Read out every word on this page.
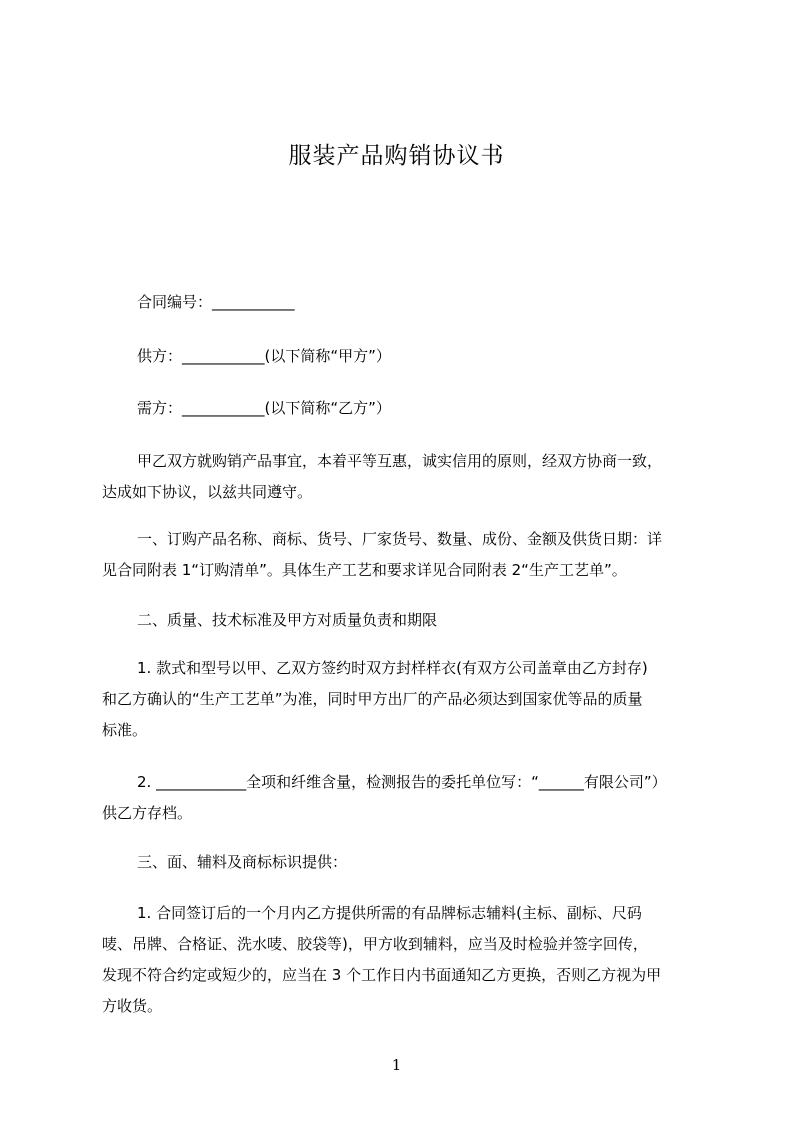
服装产品购销协议书
合同编号：___________
供方：___________(以下简称“甲方”）
需方：___________(以下简称“乙方”）
甲乙双方就购销产品事宜，本着平等互惠，诚实信用的原则，经双方协商一致，
达成如下协议，以兹共同遵守。
一、订购产品名称、商标、货号、厂家货号、数量、成份、金额及供货日期：详
见合同附表 1“订购清单”。具体生产工艺和要求详见合同附表 2“生产工艺单”。
二、质量、技术标准及甲方对质量负责和期限
1. 款式和型号以甲、乙双方签约时双方封样样衣(有双方公司盖章由乙方封存)
和乙方确认的“生产工艺单”为准，同时甲方出厂的产品必须达到国家优等品的质量
标准。
2. ____________全项和纤维含量，检测报告的委托单位写：“______有限公司”）
供乙方存档。
三、面、辅料及商标标识提供：
1. 合同签订后的一个月内乙方提供所需的有品牌标志辅料(主标、副标、尺码
唛、吊牌、合格证、洗水唛、胶袋等)，甲方收到辅料，应当及时检验并签字回传，
发现不符合约定或短少的，应当在 3 个工作日内书面通知乙方更换，否则乙方视为甲
方收货。
1
